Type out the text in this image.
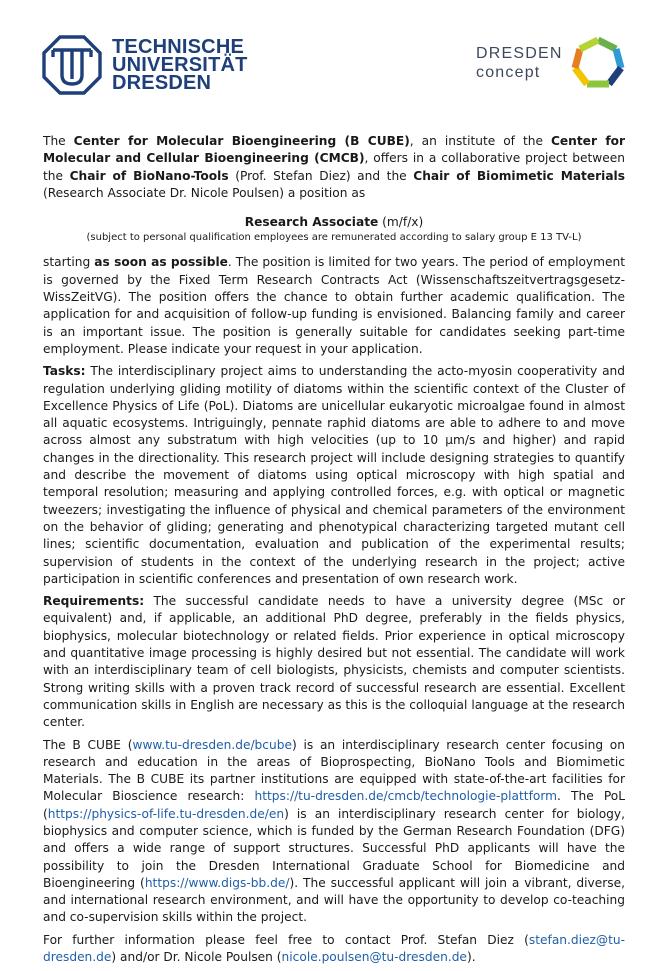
TECHNISCHE
UNIVERSITÄT
DRESDEN
DRESDEN
concept

The Center for Molecular Bioengineering (B CUBE), an institute of the Center for Molecular and Cellular Bioengineering (CMCB), offers in a collaborative project between the Chair of BioNano-Tools (Prof. Stefan Diez) and the Chair of Biomimetic Materials (Research Associate Dr. Nicole Poulsen) a position as

Research Associate (m/f/x)
(subject to personal qualification employees are remunerated according to salary group E 13 TV-L)

starting as soon as possible. The position is limited for two years. The period of employment is governed by the Fixed Term Research Contracts Act (Wissenschaftszeitvertragsgesetz-WissZeitVG). The position offers the chance to obtain further academic qualification. The application for and acquisition of follow-up funding is envisioned. Balancing family and career is an important issue. The position is generally suitable for candidates seeking part-time employment. Please indicate your request in your application.

Tasks: The interdisciplinary project aims to understanding the acto-myosin cooperativity and regulation underlying gliding motility of diatoms within the scientific context of the Cluster of Excellence Physics of Life (PoL). Diatoms are unicellular eukaryotic microalgae found in almost all aquatic ecosystems. Intriguingly, pennate raphid diatoms are able to adhere to and move across almost any substratum with high velocities (up to 10 µm/s and higher) and rapid changes in the directionality. This research project will include designing strategies to quantify and describe the movement of diatoms using optical microscopy with high spatial and temporal resolution; measuring and applying controlled forces, e.g. with optical or magnetic tweezers; investigating the influence of physical and chemical parameters of the environment on the behavior of gliding; generating and phenotypical characterizing targeted mutant cell lines; scientific documentation, evaluation and publication of the experimental results; supervision of students in the context of the underlying research in the project; active participation in scientific conferences and presentation of own research work.

Requirements: The successful candidate needs to have a university degree (MSc or equivalent) and, if applicable, an additional PhD degree, preferably in the fields physics, biophysics, molecular biotechnology or related fields. Prior experience in optical microscopy and quantitative image processing is highly desired but not essential. The candidate will work with an interdisciplinary team of cell biologists, physicists, chemists and computer scientists. Strong writing skills with a proven track record of successful research are essential. Excellent communication skills in English are necessary as this is the colloquial language at the research center.

The B CUBE (www.tu-dresden.de/bcube) is an interdisciplinary research center focusing on research and education in the areas of Bioprospecting, BioNano Tools and Biomimetic Materials. The B CUBE its partner institutions are equipped with state-of-the-art facilities for Molecular Bioscience research: https://tu-dresden.de/cmcb/technologie-plattform. The PoL (https://physics-of-life.tu-dresden.de/en) is an interdisciplinary research center for biology, biophysics and computer science, which is funded by the German Research Foundation (DFG) and offers a wide range of support structures. Successful PhD applicants will have the possibility to join the Dresden International Graduate School for Biomedicine and Bioengineering (https://www.digs-bb.de/). The successful applicant will join a vibrant, diverse, and international research environment, and will have the opportunity to develop co-teaching and co-supervision skills within the project.

For further information please feel free to contact Prof. Stefan Diez (stefan.diez@tu-dresden.de) and/or Dr. Nicole Poulsen (nicole.poulsen@tu-dresden.de).
